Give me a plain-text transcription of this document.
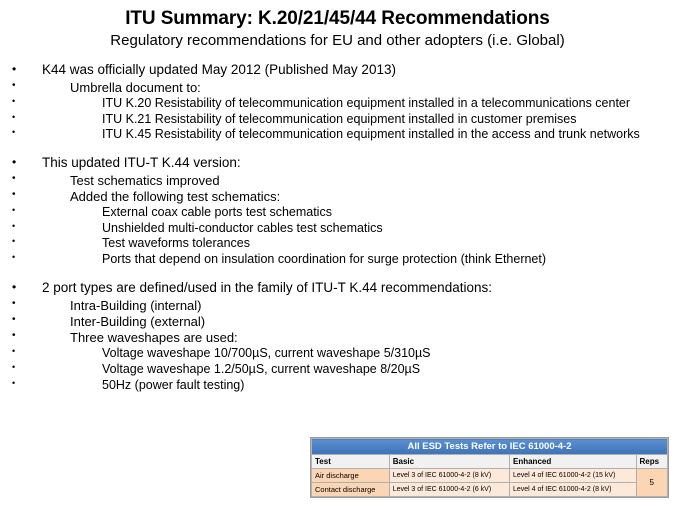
ITU Summary: K.20/21/45/44 Recommendations
Regulatory recommendations for EU and other adopters (i.e. Global)
• K44 was officially updated May 2012 (Published May 2013)
•	Umbrella document to:
•	ITU K.20 Resistability of telecommunication equipment installed in a telecommunications center
•	ITU K.21 Resistability of telecommunication equipment installed in customer premises
•	ITU K.45 Resistability of telecommunication equipment installed in the access and trunk networks
• This updated ITU-T K.44 version:
•	Test schematics improved
•	Added the following test schematics:
•	External coax cable ports test schematics
•	Unshielded multi-conductor cables test schematics
•	Test waveforms tolerances
•	Ports that depend on insulation coordination for surge protection (think Ethernet)
• 2 port types are defined/used in the family of ITU-T K.44 recommendations:
•	Intra-Building (internal)
•	Inter-Building (external)
•	Three waveshapes are used:
•	Voltage waveshape 10/700µS, current waveshape 5/310µS
•	Voltage waveshape 1.2/50µS, current waveshape 8/20µS
•	50Hz (power fault testing)
All ESD Tests Refer to IEC 61000-4-2			
Test	Basic	Enhanced	Reps
Air discharge	Level 3 of IEC 61000-4-2 (8 kV)	Level 4 of IEC 61000-4-2 (15 kV)	5
Contact discharge	Level 3 of IEC 61000-4-2 (6 kV)	Level 4 of IEC 61000-4-2 (8 kV)	
